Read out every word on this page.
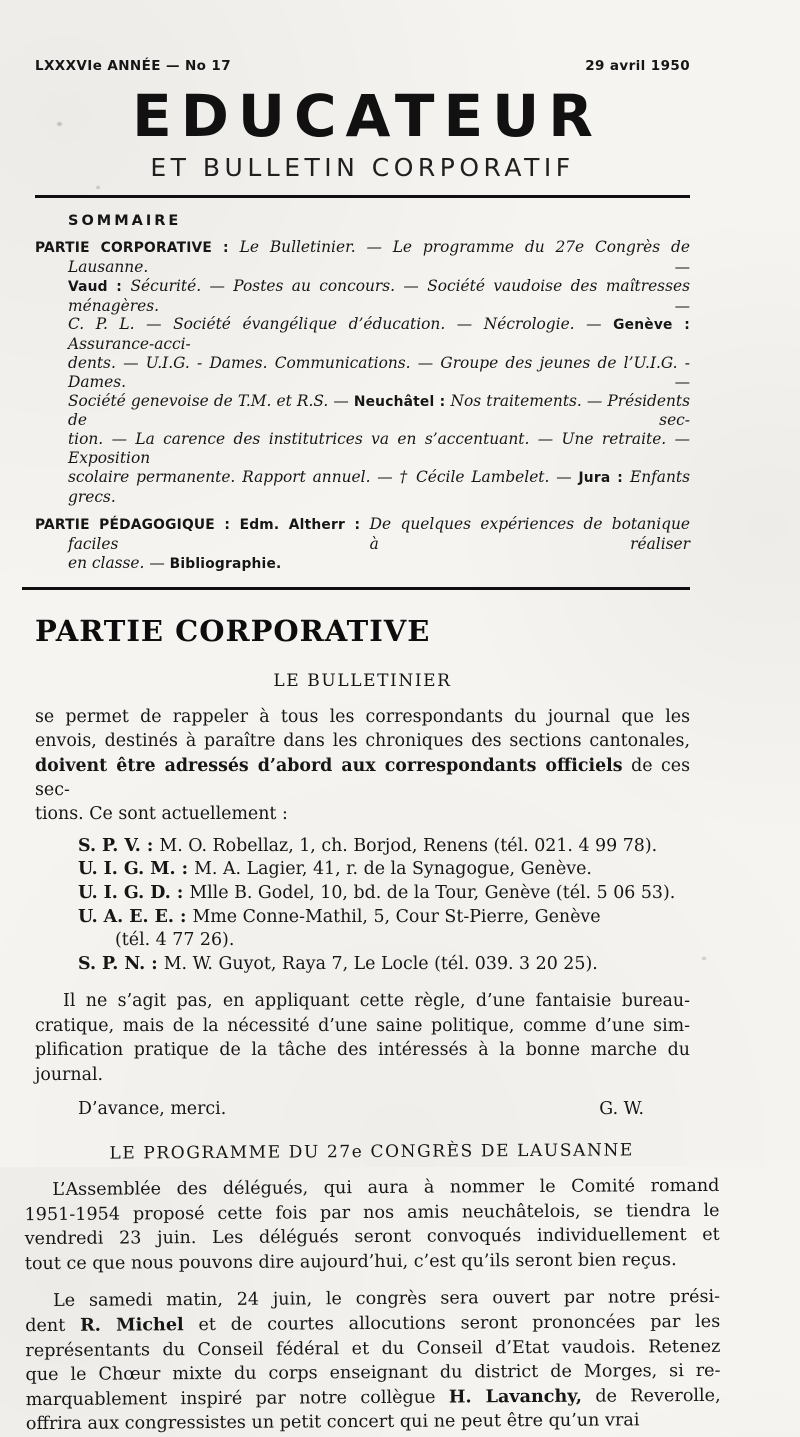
LXXXVIe ANNÉE — No 17	29 avril 1950
EDUCATEUR
ET BULLETIN CORPORATIF
SOMMAIRE
PARTIE CORPORATIVE : Le Bulletinier. — Le programme du 27e Congrès de Lausanne. —
Vaud : Sécurité. — Postes au concours. — Société vaudoise des maîtresses ménagères. —
C. P. L. — Société évangélique d’éducation. — Nécrologie. — Genève : Assurance-acci-
dents. — U.I.G. - Dames. Communications. — Groupe des jeunes de l’U.I.G. - Dames. —
Société genevoise de T.M. et R.S. — Neuchâtel : Nos traitements. — Présidents de sec-
tion. — La carence des institutrices va en s’accentuant. — Une retraite. — Exposition
scolaire permanente. Rapport annuel. — † Cécile Lambelet. — Jura : Enfants grecs.
PARTIE PÉDAGOGIQUE : Edm. Altherr : De quelques expériences de botanique faciles à réaliser
en classe. — Bibliographie.
PARTIE CORPORATIVE
LE BULLETINIER
se permet de rappeler à tous les correspondants du journal que les
envois, destinés à paraître dans les chroniques des sections cantonales,
doivent être adressés d’abord aux correspondants officiels de ces sec-
tions. Ce sont actuellement :
S. P. V. : M. O. Robellaz, 1, ch. Borjod, Renens (tél. 021. 4 99 78).
U. I. G. M. : M. A. Lagier, 41, r. de la Synagogue, Genève.
U. I. G. D. : Mlle B. Godel, 10, bd. de la Tour, Genève (tél. 5 06 53).
U. A. E. E. : Mme Conne-Mathil, 5, Cour St-Pierre, Genève
(tél. 4 77 26).
S. P. N. : M. W. Guyot, Raya 7, Le Locle (tél. 039. 3 20 25).
Il ne s’agit pas, en appliquant cette règle, d’une fantaisie bureau-
cratique, mais de la nécessité d’une saine politique, comme d’une sim-
plification pratique de la tâche des intéressés à la bonne marche du
journal.
D’avance, merci.	G. W.
LE PROGRAMME DU 27e CONGRÈS DE LAUSANNE
L’Assemblée des délégués, qui aura à nommer le Comité romand
1951-1954 proposé cette fois par nos amis neuchâtelois, se tiendra le
vendredi 23 juin. Les délégués seront convoqués individuellement et
tout ce que nous pouvons dire aujourd’hui, c’est qu’ils seront bien reçus.
Le samedi matin, 24 juin, le congrès sera ouvert par notre prési-
dent R. Michel et de courtes allocutions seront prononcées par les
représentants du Conseil fédéral et du Conseil d’Etat vaudois. Retenez
que le Chœur mixte du corps enseignant du district de Morges, si re-
marquablement inspiré par notre collègue H. Lavanchy, de Reverolle,
offrira aux congressistes un petit concert qui ne peut être qu’un vrai
